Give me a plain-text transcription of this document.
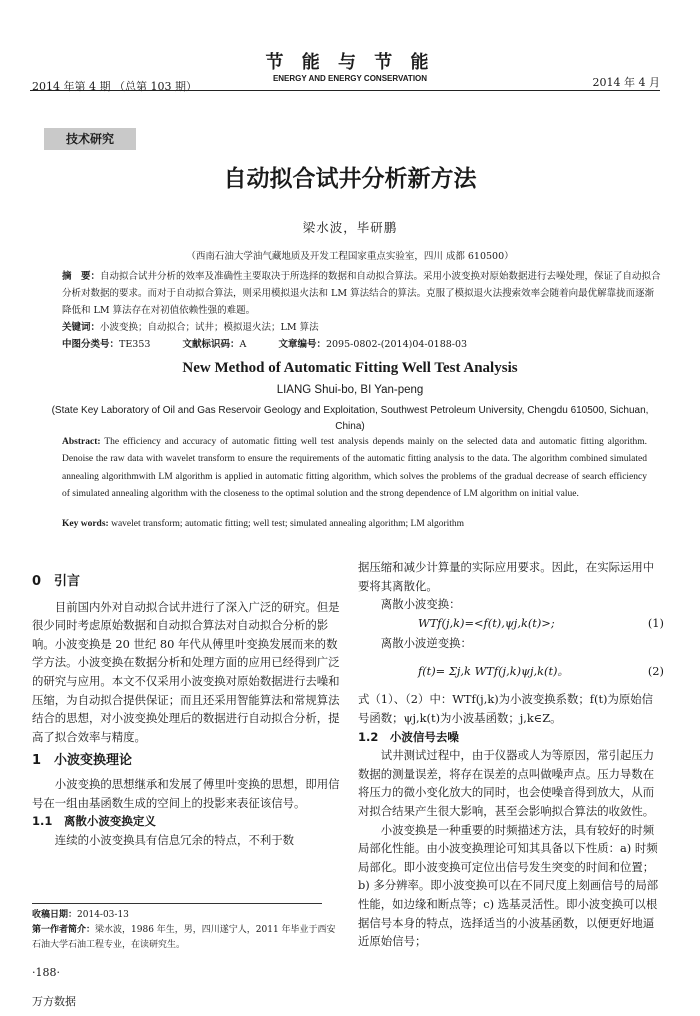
2014 年第 4 期 （总第 103 期）
节 能 与 节 能
ENERGY AND ENERGY CONSERVATION	2014 年 4 月
技术研究
自动拟合试井分析新方法
梁水波，毕研鹏
（西南石油大学油气藏地质及开发工程国家重点实验室，四川 成都 610500）
摘　要：自动拟合试井分析的效率及准确性主要取决于所选择的数据和自动拟合算法。采用小波变换对原始数据进行去噪处理，保证了自动拟合分析对数据的要求。而对于自动拟合算法，则采用模拟退火法和 LM 算法结合的算法。克服了模拟退火法搜索效率会随着向最优解靠拢而逐渐降低和 LM 算法存在对初值依赖性强的难题。
关键词：小波变换；自动拟合；试井；模拟退火法；LM 算法
中图分类号：TE353	文献标识码：A	文章编号：2095-0802-(2014)04-0188-03
New Method of Automatic Fitting Well Test Analysis
LIANG Shui-bo, BI Yan-peng
(State Key Laboratory of Oil and Gas Reservoir Geology and Exploitation, Southwest Petroleum University, Chengdu 610500, Sichuan, China)
Abstract: The efficiency and accuracy of automatic fitting well test analysis depends mainly on the selected data and automatic fitting algorithm. Denoise the raw data with wavelet transform to ensure the requirements of the automatic fitting analysis to the data. The algorithm combined simulated annealing algorithmwith LM algorithm is applied in automatic fitting algorithm, which solves the problems of the gradual decrease of search efficiency of simulated annealing algorithm with the closeness to the optimal solution and the strong dependence of LM algorithm on initial value.
Key words: wavelet transform; automatic fitting; well test; simulated annealing algorithm; LM algorithm

0　引言

目前国内外对自动拟合试井进行了深入广泛的研究。但是很少同时考虑原始数据和自动拟合算法对自动拟合分析的影响。小波变换是 20 世纪 80 年代从傅里叶变换发展而来的数学方法。小波变换在数据分析和处理方面的应用已经得到广泛的研究与应用。本文不仅采用小波变换对原始数据进行去噪和压缩，为自动拟合提供保证；而且还采用智能算法和常规算法结合的思想，对小波变换处理后的数据进行自动拟合分析，提高了拟合效率与精度。

1　小波变换理论

小波变换的思想继承和发展了傅里叶变换的思想，即用信号在一组由基函数生成的空间上的投影来表征该信号。

1.1　离散小波变换定义

连续的小波变换具有信息冗余的特点，不利于数

据压缩和减少计算量的实际应用要求。因此，在实际运用中要将其离散化。

离散小波变换：

WTf(j,k)=<f(t),ψj,k(t)>;	(1)

离散小波逆变换：

f(t)= Σj,k WTf(j,k)ψj,k(t)。	(2)

式（1）、（2）中：WTf(j,k)为小波变换系数；f(t)为原始信号函数；ψj,k(t)为小波基函数；j,k∈Z。

1.2　小波信号去噪

试井测试过程中，由于仪器或人为等原因，常引起压力数据的测量误差，将存在误差的点叫做噪声点。压力导数在将压力的微小变化放大的同时，也会使噪音得到放大，从而对拟合结果产生很大影响，甚至会影响拟合算法的收敛性。

小波变换是一种重要的时频描述方法，具有较好的时频局部化性能。由小波变换理论可知其具备以下性质：a) 时频局部化。即小波变换可定位出信号发生突变的时间和位置；b) 多分辨率。即小波变换可以在不同尺度上刻画信号的局部性能，如边缘和断点等；c) 选基灵活性。即小波变换可以根据信号本身的特点，选择适当的小波基函数，以便更好地逼近原始信号；

收稿日期：2014-03-13
第一作者简介：梁水波，1986 年生，男，四川遂宁人，2011 年毕业于西安石油大学石油工程专业，在读研究生。
·188·
万方数据
